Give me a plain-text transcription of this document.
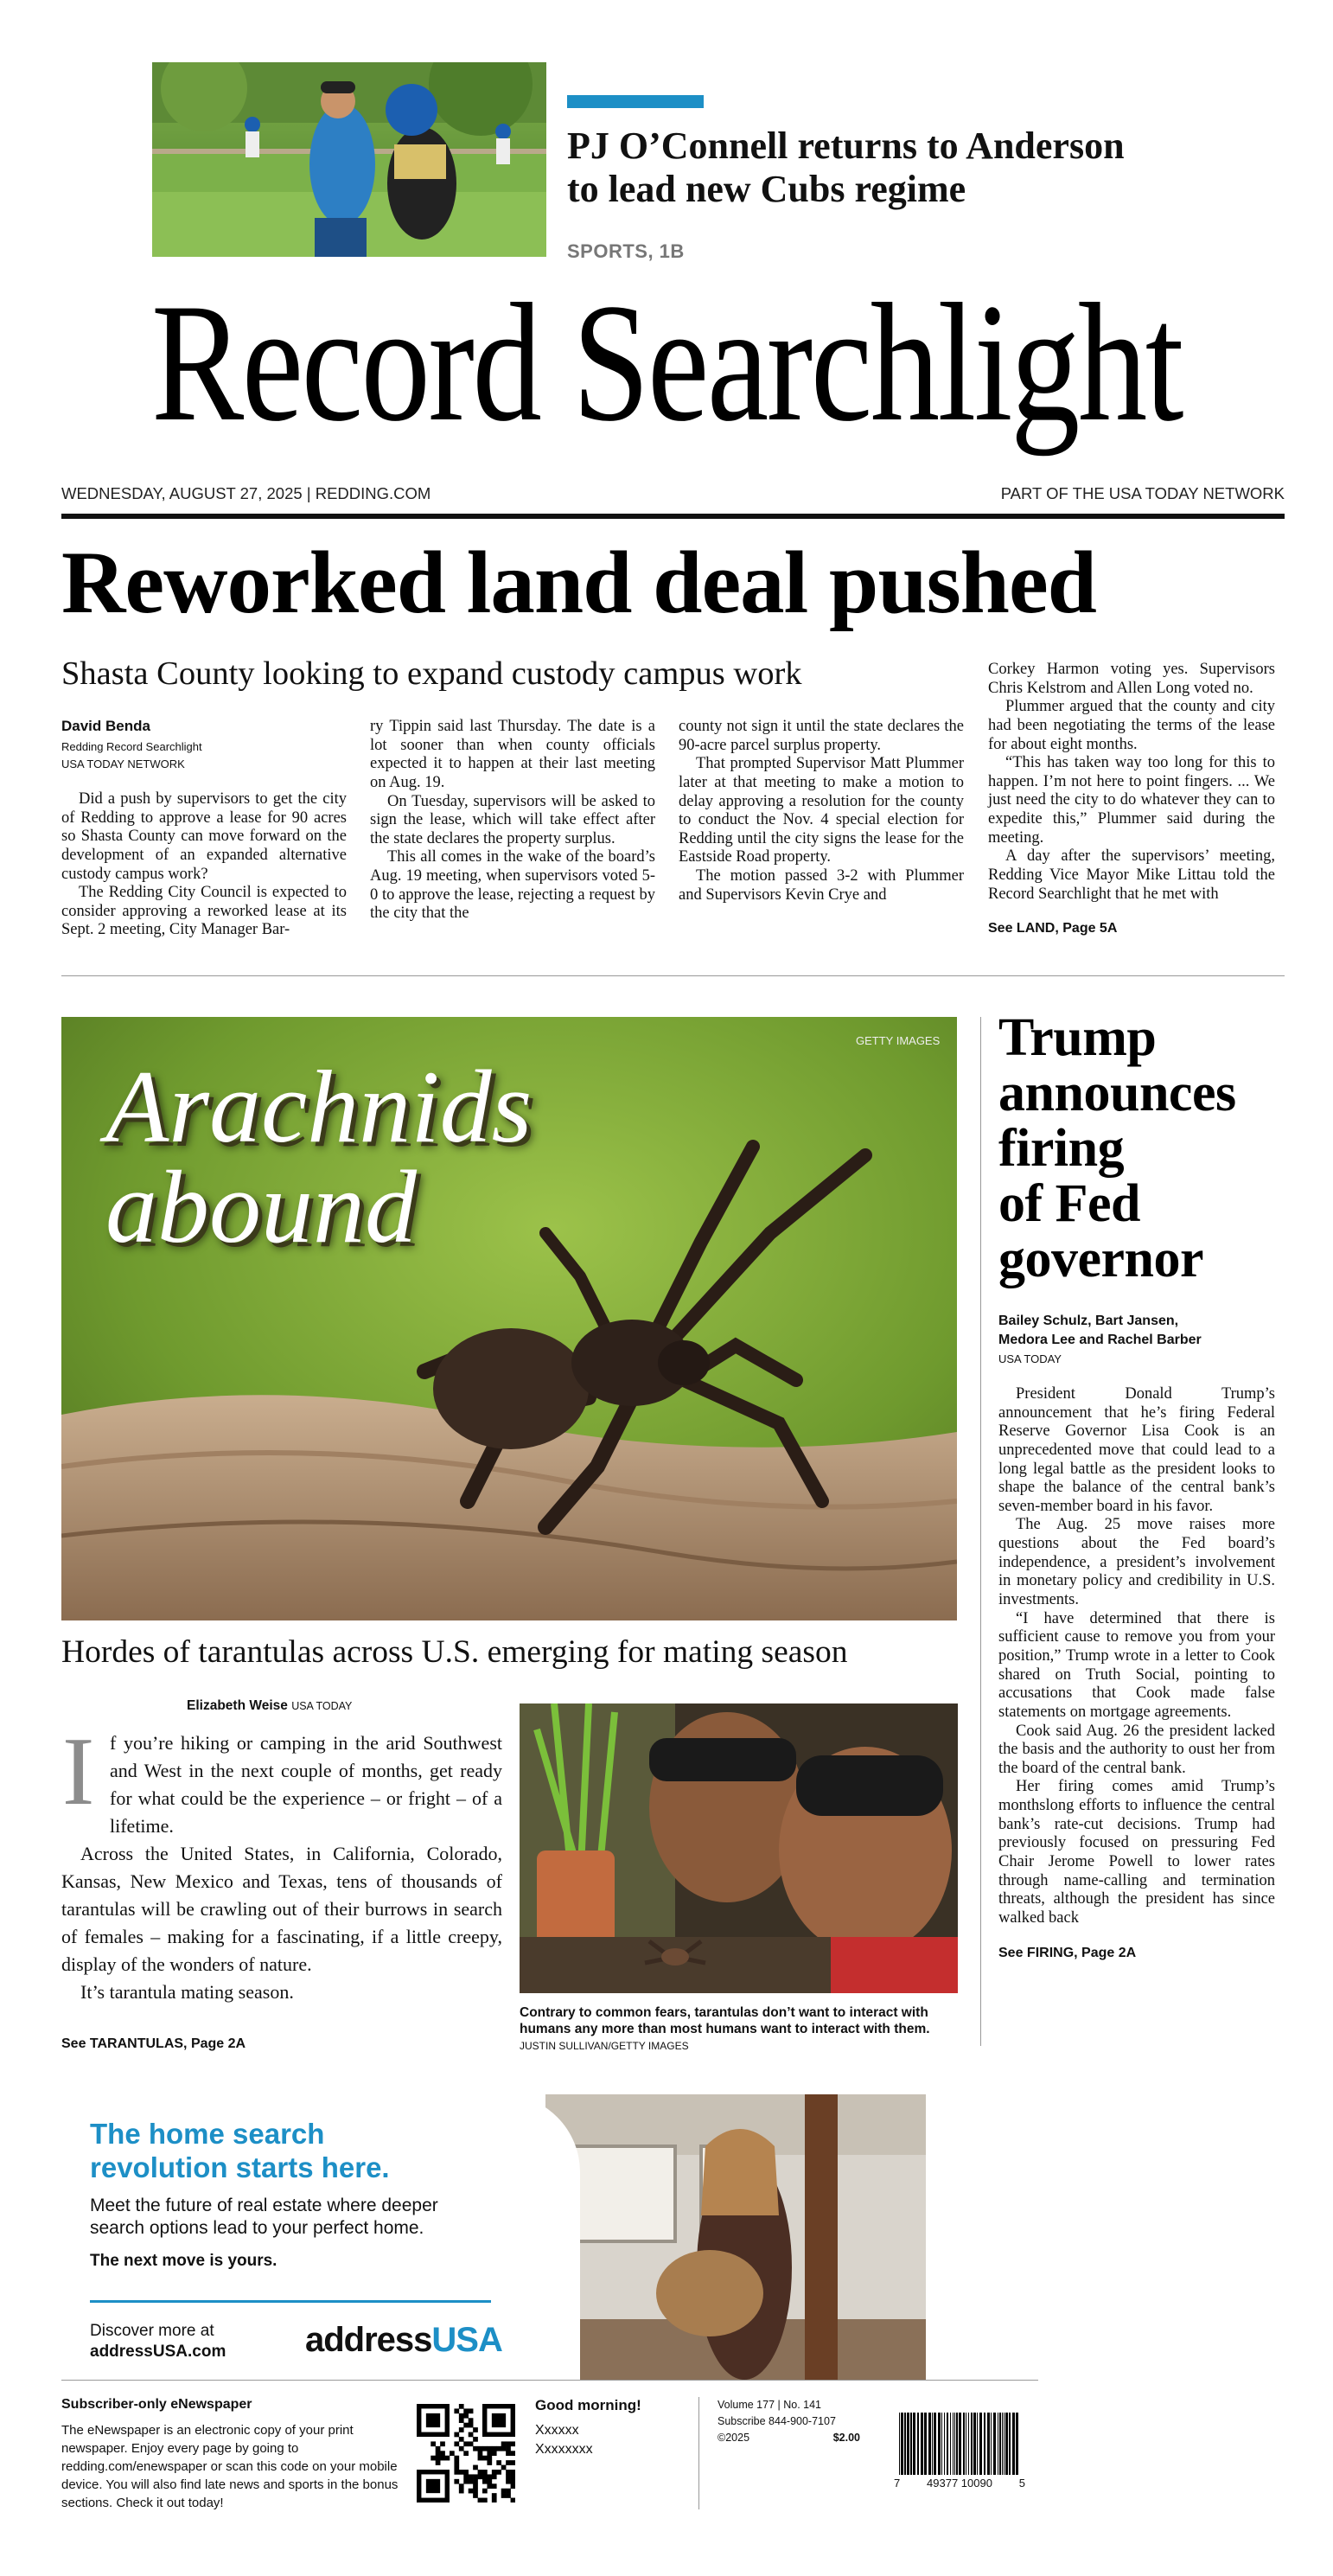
PJ O’Connell returns to Anderson
to lead new Cubs regime
SPORTS, 1B
Record Searchlight
WEDNESDAY, AUGUST 27, 2025 | REDDING.COM	PART OF THE USA TODAY NETWORK
Reworked land deal pushed
Shasta County looking to expand custody campus work
David Benda
Redding Record Searchlight
USA TODAY NETWORK

Did a push by supervisors to get the city of Redding to approve a lease for 90 acres so Shasta County can move forward on the development of an expanded alternative custody campus work?

The Redding City Council is expected to consider approving a reworked lease at its Sept. 2 meeting, City Manager Bar-

ry Tippin said last Thursday. The date is a lot sooner than when county officials expected it to happen at their last meeting on Aug. 19.

On Tuesday, supervisors will be asked to sign the lease, which will take effect after the state declares the property surplus.

This all comes in the wake of the board’s Aug. 19 meeting, when supervisors voted 5-0 to approve the lease, rejecting a request by the city that the

county not sign it until the state declares the 90-acre parcel surplus property.

That prompted Supervisor Matt Plummer later at that meeting to make a motion to delay approving a resolution for the county to conduct the Nov. 4 special election for Redding until the city signs the lease for the Eastside Road property.

The motion passed 3-2 with Plummer and Supervisors Kevin Crye and

Corkey Harmon voting yes. Supervisors Chris Kelstrom and Allen Long voted no.

Plummer argued that the county and city had been negotiating the terms of the lease for about eight months.

“This has taken way too long for this to happen. I’m not here to point fingers. ... We just need the city to do whatever they can to expedite this,” Plummer said during the meeting.

A day after the supervisors’ meeting, Redding Vice Mayor Mike Littau told the Record Searchlight that he met with

See LAND, Page 5A
GETTY IMAGES
Arachnids
abound
Hordes of tarantulas across U.S. emerging for mating season
Elizabeth Weise USA TODAY
I f you’re hiking or camping in the arid Southwest and West in the next couple of months, get ready for what could be the experience – or fright – of a lifetime.

Across the United States, in California, Colorado, Kansas, New Mexico and Texas, tens of thousands of tarantulas will be crawling out of their burrows in search of females – making for a fascinating, if a little creepy, display of the wonders of nature.

It’s tarantula mating season.

See TARANTULAS, Page 2A
Contrary to common fears, tarantulas don’t want to interact with humans any more than most humans want to interact with them. JUSTIN SULLIVAN/GETTY IMAGES
Trump
announces
firing
of Fed
governor
Bailey Schulz, Bart Jansen,
Medora Lee and Rachel Barber
USA TODAY

President Donald Trump’s announcement that he’s firing Federal Reserve Governor Lisa Cook is an unprecedented move that could lead to a long legal battle as the president looks to shape the balance of the central bank’s seven-member board in his favor.

The Aug. 25 move raises more questions about the Fed board’s independence, a president’s involvement in monetary policy and credibility in U.S. investments.

“I have determined that there is sufficient cause to remove you from your position,” Trump wrote in a letter to Cook shared on Truth Social, pointing to accusations that Cook made false statements on mortgage agreements.

Cook said Aug. 26 the president lacked the basis and the authority to oust her from the board of the central bank.

Her firing comes amid Trump’s monthslong efforts to influence the central bank’s rate-cut decisions. Trump had previously focused on pressuring Fed Chair Jerome Powell to lower rates through name-calling and termination threats, although the president has since walked back

See FIRING, Page 2A
The home search
revolution starts here.
Meet the future of real estate where deeper
search options lead to your perfect home.
The next move is yours.
Discover more at
addressUSA.com addressUSA
Subscriber-only eNewspaper
The eNewspaper is an electronic copy of your print newspaper. Enjoy every page by going to redding.com/enewspaper or scan this code on your mobile device. You will also find late news and sports in the bonus sections. Check it out today!
Good morning!
Xxxxxx
Xxxxxxxx
Volume 177 | No. 141
Subscribe 844-900-7107
©2025	$2.00
7 49377 10090 5
